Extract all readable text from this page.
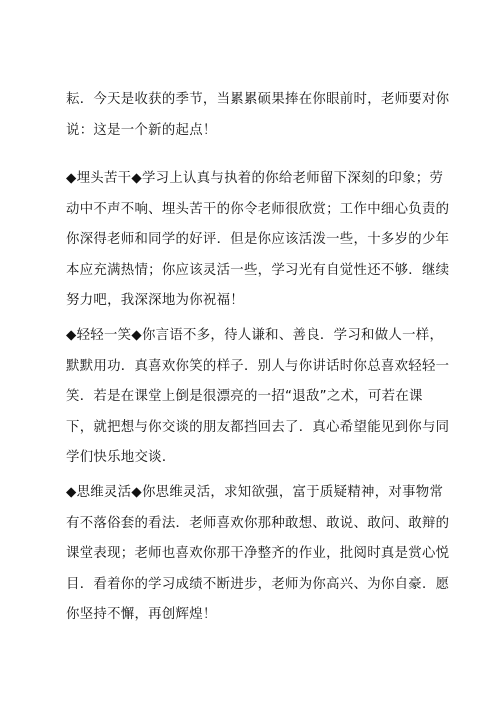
耘．今天是收获的季节，当累累硕果捧在你眼前时，老师要对你
说：这是一个新的起点！

◆埋头苦干◆学习上认真与执着的你给老师留下深刻的印象；劳
动中不声不响、埋头苦干的你令老师很欣赏；工作中细心负责的
你深得老师和同学的好评．但是你应该活泼一些，十多岁的少年
本应充满热情；你应该灵活一些，学习光有自觉性还不够．继续
努力吧，我深深地为你祝福！

◆轻轻一笑◆你言语不多，待人谦和、善良．学习和做人一样，
默默用功．真喜欢你笑的样子．别人与你讲话时你总喜欢轻轻一
笑．若是在课堂上倒是很漂亮的一招“退敌”之术，可若在课
下，就把想与你交谈的朋友都挡回去了．真心希望能见到你与同
学们快乐地交谈．

◆思维灵活◆你思维灵活，求知欲强，富于质疑精神，对事物常
有不落俗套的看法．老师喜欢你那种敢想、敢说、敢问、敢辩的
课堂表现；老师也喜欢你那干净整齐的作业，批阅时真是赏心悦
目．看着你的学习成绩不断进步，老师为你高兴、为你自豪．愿
你坚持不懈，再创辉煌！
